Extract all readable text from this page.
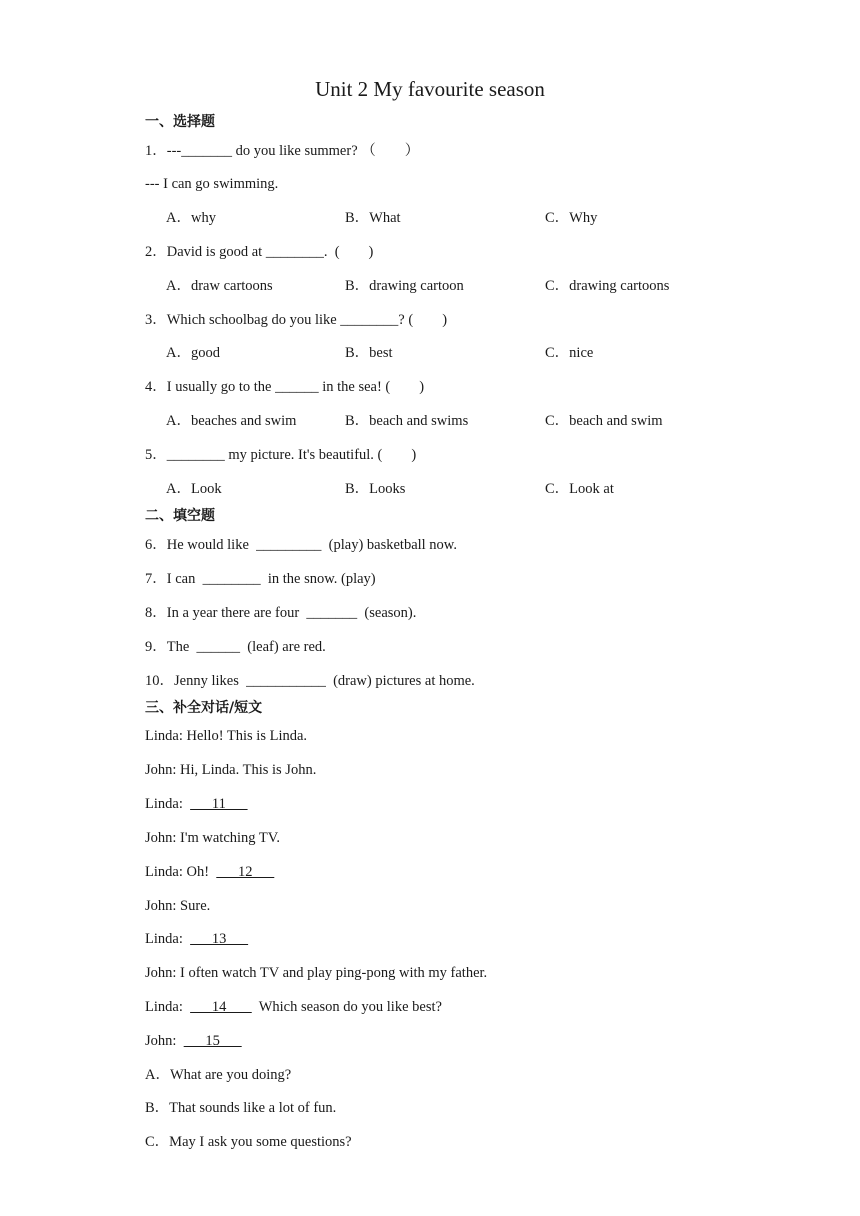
Unit 2 My favourite season
一、选择题
1．---_______ do you like summer? （　　）
--- I can go swimming.
A．why	B．What	C．Why
2．David is good at ________.  (　　)
A．draw cartoons	B．drawing cartoon	C．drawing cartoons
3．Which schoolbag do you like ________? (　　)
A．good	B．best	C．nice
4．I usually go to the ______ in the sea! (　　)
A．beaches and swim	B．beach and swims	C．beach and swim
5．________ my picture. It's beautiful. (　　)
A．Look	B．Looks	C．Look at
二、填空题
6．He would like  _________  (play) basketball now.
7．I can  ________  in the snow. (play)
8．In a year there are four  _______  (season).
9．The  ______  (leaf) are red.
10．Jenny likes  ___________  (draw) pictures at home.
三、补全对话/短文
Linda: Hello! This is Linda.
John: Hi, Linda. This is John.
Linda:        11
John: I'm watching TV.
Linda: Oh!        12
John: Sure.
Linda:        13
John: I often watch TV and play ping-pong with my father.
Linda:        14         Which season do you like best?
John:        15
A．What are you doing?
B．That sounds like a lot of fun.
C．May I ask you some questions?
